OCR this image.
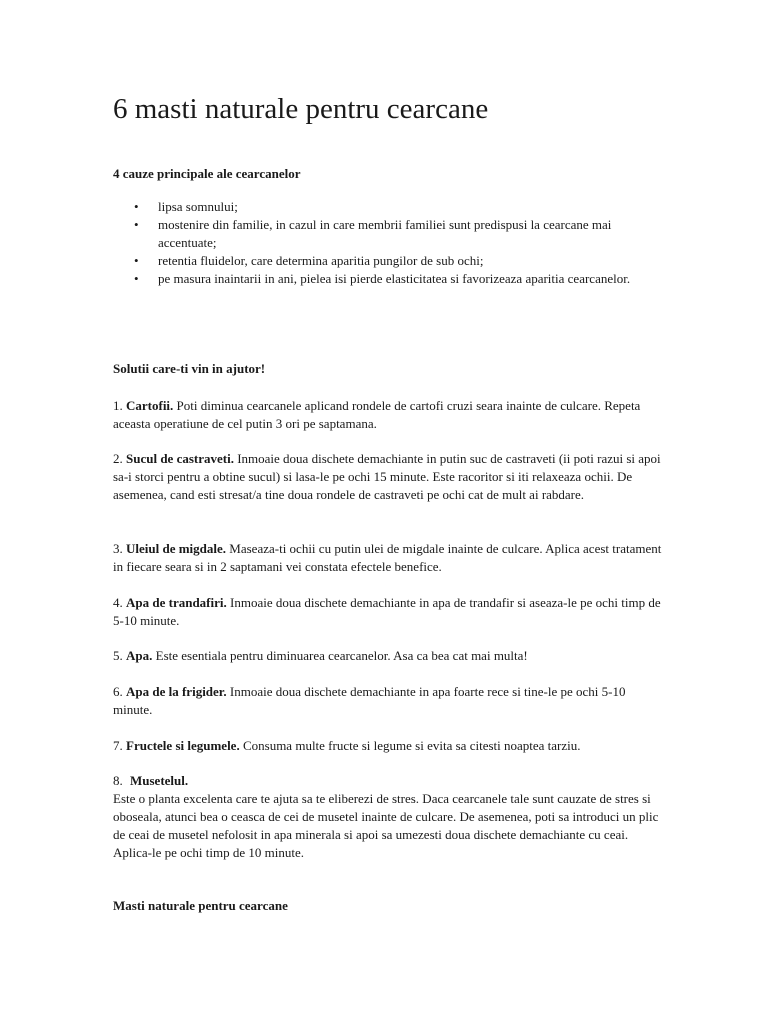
6 masti naturale pentru cearcane
4 cauze principale ale cearcanelor
• lipsa somnului;
• mostenire din familie, in cazul in care membrii familiei sunt predispusi la cearcane mai accentuate;
• retentia fluidelor, care determina aparitia pungilor de sub ochi;
• pe masura inaintarii in ani, pielea isi pierde elasticitatea si favorizeaza aparitia cearcanelor.
Solutii care-ti vin in ajutor!

1. Cartofii. Poti diminua cearcanele aplicand rondele de cartofi cruzi seara inainte de culcare. Repeta aceasta operatiune de cel putin 3 ori pe saptamana.

2. Sucul de castraveti. Inmoaie doua dischete demachiante in putin suc de castraveti (ii poti razui si apoi sa-i storci pentru a obtine sucul) si lasa-le pe ochi 15 minute. Este racoritor si iti relaxeaza ochii. De asemenea, cand esti stresat/a tine doua rondele de castraveti pe ochi cat de mult ai rabdare.

3. Uleiul de migdale. Maseaza-ti ochii cu putin ulei de migdale inainte de culcare. Aplica acest tratament in fiecare seara si in 2 saptamani vei constata efectele benefice.

4. Apa de trandafiri. Inmoaie doua dischete demachiante in apa de trandafir si aseaza-le pe ochi timp de 5-10 minute.

5. Apa. Este esentiala pentru diminuarea cearcanelor. Asa ca bea cat mai multa!

6. Apa de la frigider. Inmoaie doua dischete demachiante in apa foarte rece si tine-le pe ochi 5-10 minute.

7. Fructele si legumele. Consuma multe fructe si legume si evita sa citesti noaptea tarziu.

8. Musetelul.
Este o planta excelenta care te ajuta sa te eliberezi de stres. Daca cearcanele tale sunt cauzate de stres si oboseala, atunci bea o ceasca de cei de musetel inainte de culcare. De asemenea, poti sa introduci un plic de ceai de musetel nefolosit in apa minerala si apoi sa umezesti doua dischete demachiante cu ceai. Aplica-le pe ochi timp de 10 minute.
Masti naturale pentru cearcane
